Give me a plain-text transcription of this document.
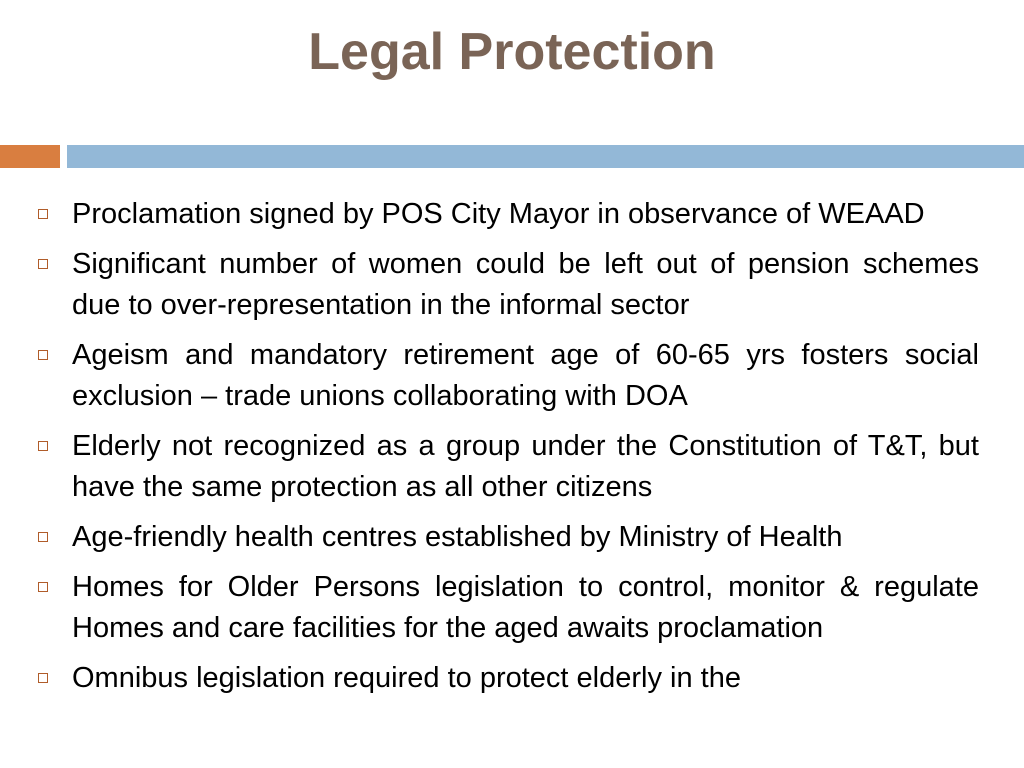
Legal Protection
Proclamation signed by POS City Mayor in observance of WEAAD
Significant number of women could be left out of pension schemes due to over-representation in the informal sector
Ageism and mandatory retirement age of 60-65 yrs fosters social exclusion – trade unions collaborating with DOA
Elderly not recognized as a group under the Constitution of T&T, but have the same protection as all other citizens
Age-friendly health centres established by Ministry of Health
Homes for Older Persons legislation to control, monitor & regulate Homes and care facilities for the aged awaits proclamation
Omnibus legislation required to protect elderly in the
